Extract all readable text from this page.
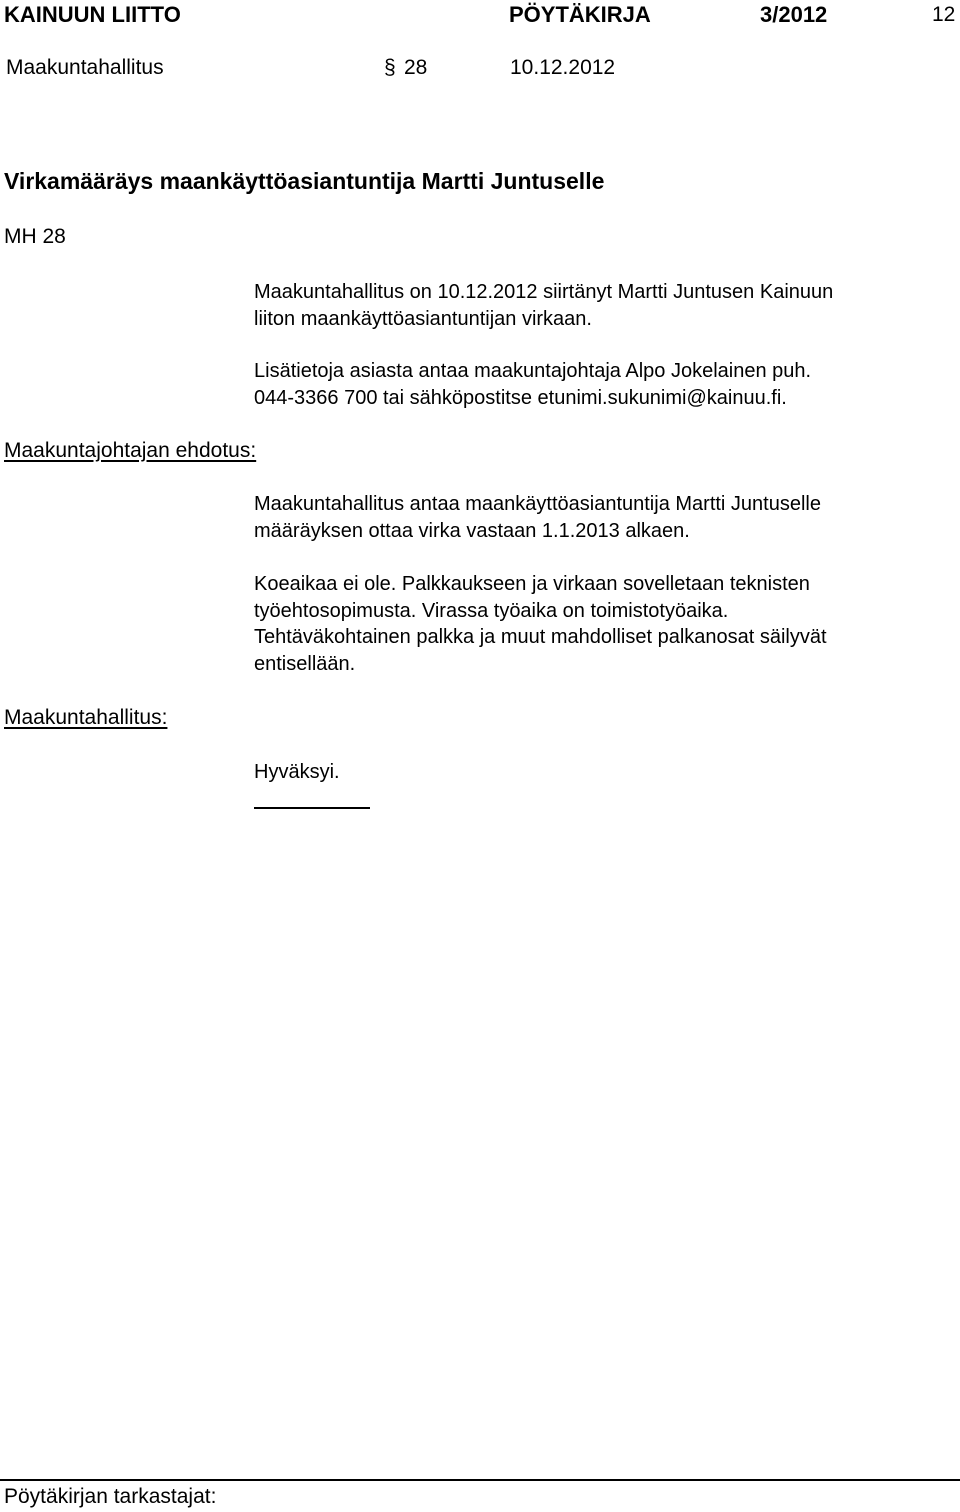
KAINUUN LIITTO	PÖYTÄKIRJA	3/2012	12
Maakuntahallitus	§ 28	10.12.2012
Virkamääräys maankäyttöasiantuntija Martti Juntuselle
MH 28
Maakuntahallitus on 10.12.2012 siirtänyt Martti Juntusen Kainuun
liiton maankäyttöasiantuntijan virkaan.
Lisätietoja asiasta antaa maakuntajohtaja Alpo Jokelainen puh.
044-3366 700 tai sähköpostitse etunimi.sukunimi@kainuu.fi.
Maakuntajohtajan ehdotus:
Maakuntahallitus antaa maankäyttöasiantuntija Martti Juntuselle
määräyksen ottaa virka vastaan 1.1.2013 alkaen.
Koeaikaa ei ole. Palkkaukseen ja virkaan sovelletaan teknisten
työehtosopimusta. Virassa työaika on toimistotyöaika.
Tehtäväkohtainen palkka ja muut mahdolliset palkanosat säilyvät
entisellään.
Maakuntahallitus:
Hyväksyi.
Pöytäkirjan tarkastajat:
